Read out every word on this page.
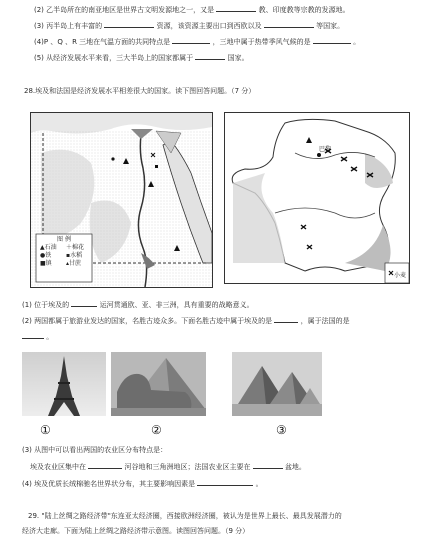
(2) 乙半岛所在的南亚地区是世界古文明发源地之一，又是	教、印度教等宗教的发源地。
(3) 丙半岛上有丰富的	资源，该资源主要出口到西欧以及	等国家。
(4)P 、Q 、R 三地在气温方面的共同特点是	，三地中属于热带季风气候的是	。
(5) 从经济发展水平来看，三大半岛上的国家都属于	国家。
28.埃及和法国是经济发展水平相差很大的国家。读下图回答问题。（7 分）
图 例
▲石油	＋棉花
●铁	▪水稻
■镇	▴甘蔗
巴黎
小麦
(1) 位于埃及的	运河贯通欧、亚、非三洲，具有重要的战略意义。
(2) 两国都属于旅游业发达的国家，名胜古迹众多。下面名胜古迹中属于埃及的是	，属于法国的是
。
①	②	③
(3) 从图中可以看出两国的农业区分布特点是：
埃及农业区集中在	河谷地和三角洲地区；法国农业区主要在	盆地。
(4) 埃及优质长绒棉驰名世界状分布，其主要影响因素是	。
29. "陆上丝绸之路经济带"东连亚太经济圈，西接欧洲经济圈，被认为是世界上最长、最具发展潜力的
经济大走廊。下面为陆上丝绸之路经济带示意图。读图回答问题。（9 分）
